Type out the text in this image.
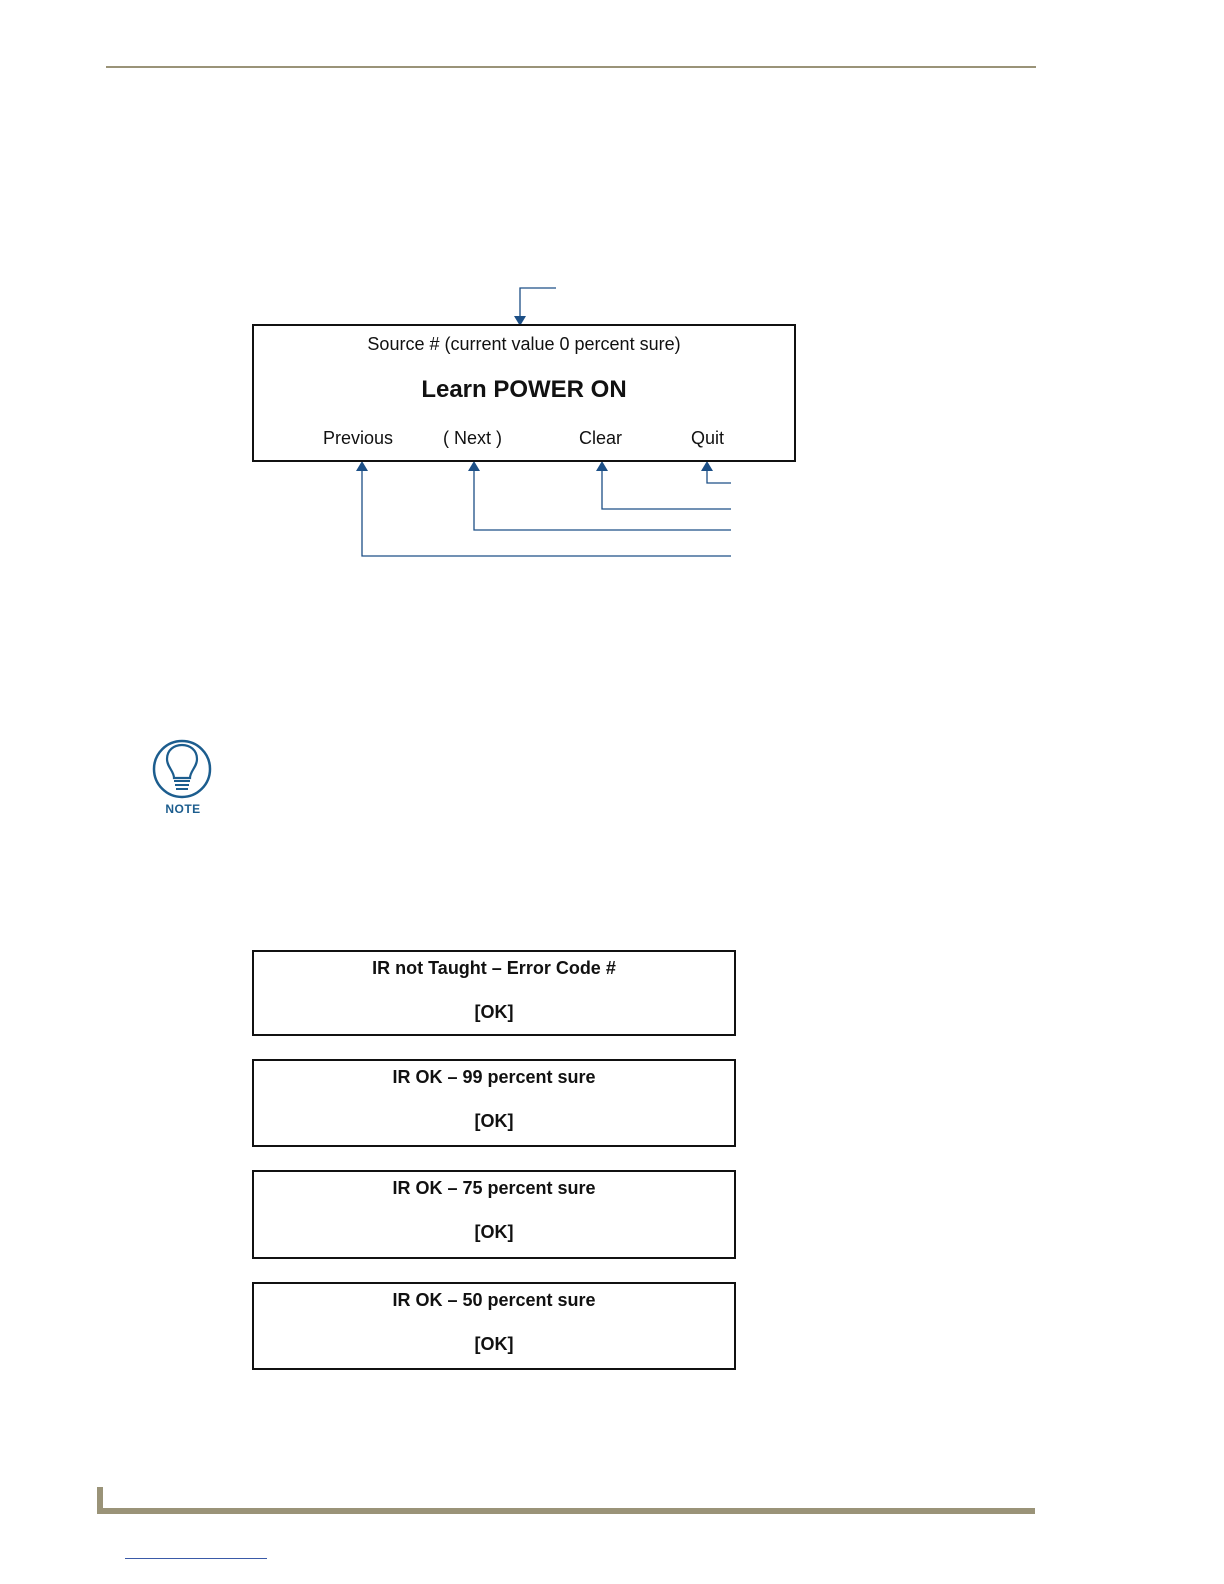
Source # (current value 0 percent sure)
Learn POWER ON
Previous	( Next )	Clear	Quit
NOTE
IR not Taught – Error Code #
[OK]
IR OK – 99 percent sure
[OK]
IR OK – 75 percent sure
[OK]
IR OK – 50 percent sure
[OK]
